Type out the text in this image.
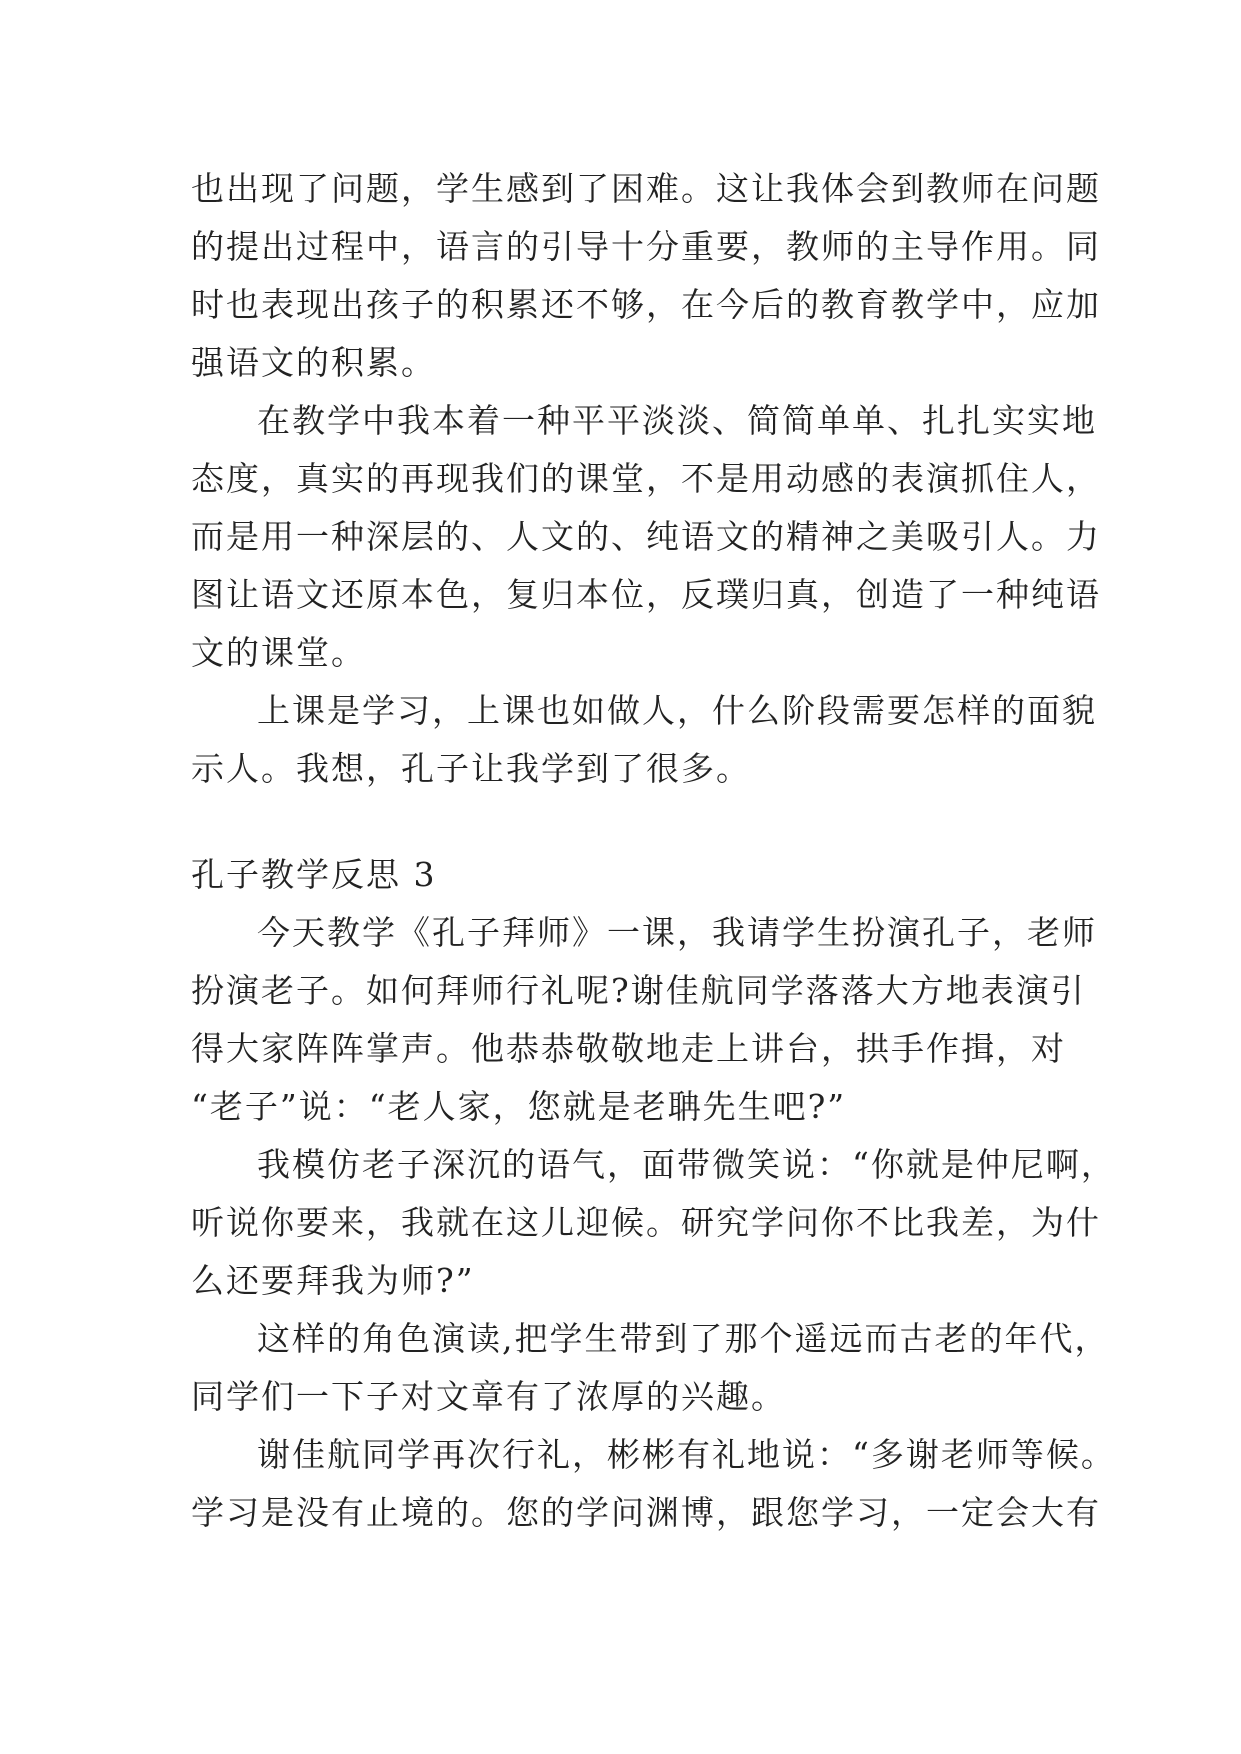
也出现了问题，学生感到了困难。这让我体会到教师在问题
的提出过程中，语言的引导十分重要，教师的主导作用。同
时也表现出孩子的积累还不够，在今后的教育教学中，应加
强语文的积累。
在教学中我本着一种平平淡淡、简简单单、扎扎实实地
态度，真实的再现我们的课堂，不是用动感的表演抓住人，
而是用一种深层的、人文的、纯语文的精神之美吸引人。力
图让语文还原本色，复归本位，反璞归真，创造了一种纯语
文的课堂。
上课是学习，上课也如做人，什么阶段需要怎样的面貌
示人。我想，孔子让我学到了很多。
孔子教学反思 3
今天教学《孔子拜师》一课，我请学生扮演孔子，老师
扮演老子。如何拜师行礼呢?谢佳航同学落落大方地表演引
得大家阵阵掌声。他恭恭敬敬地走上讲台，拱手作揖，对
“老子”说：“老人家，您就是老聃先生吧?”
我模仿老子深沉的语气，面带微笑说：“你就是仲尼啊，
听说你要来，我就在这儿迎候。研究学问你不比我差，为什
么还要拜我为师?”
这样的角色演读,把学生带到了那个遥远而古老的年代，
同学们一下子对文章有了浓厚的兴趣。
谢佳航同学再次行礼，彬彬有礼地说：“多谢老师等候。
学习是没有止境的。您的学问渊博，跟您学习，一定会大有
